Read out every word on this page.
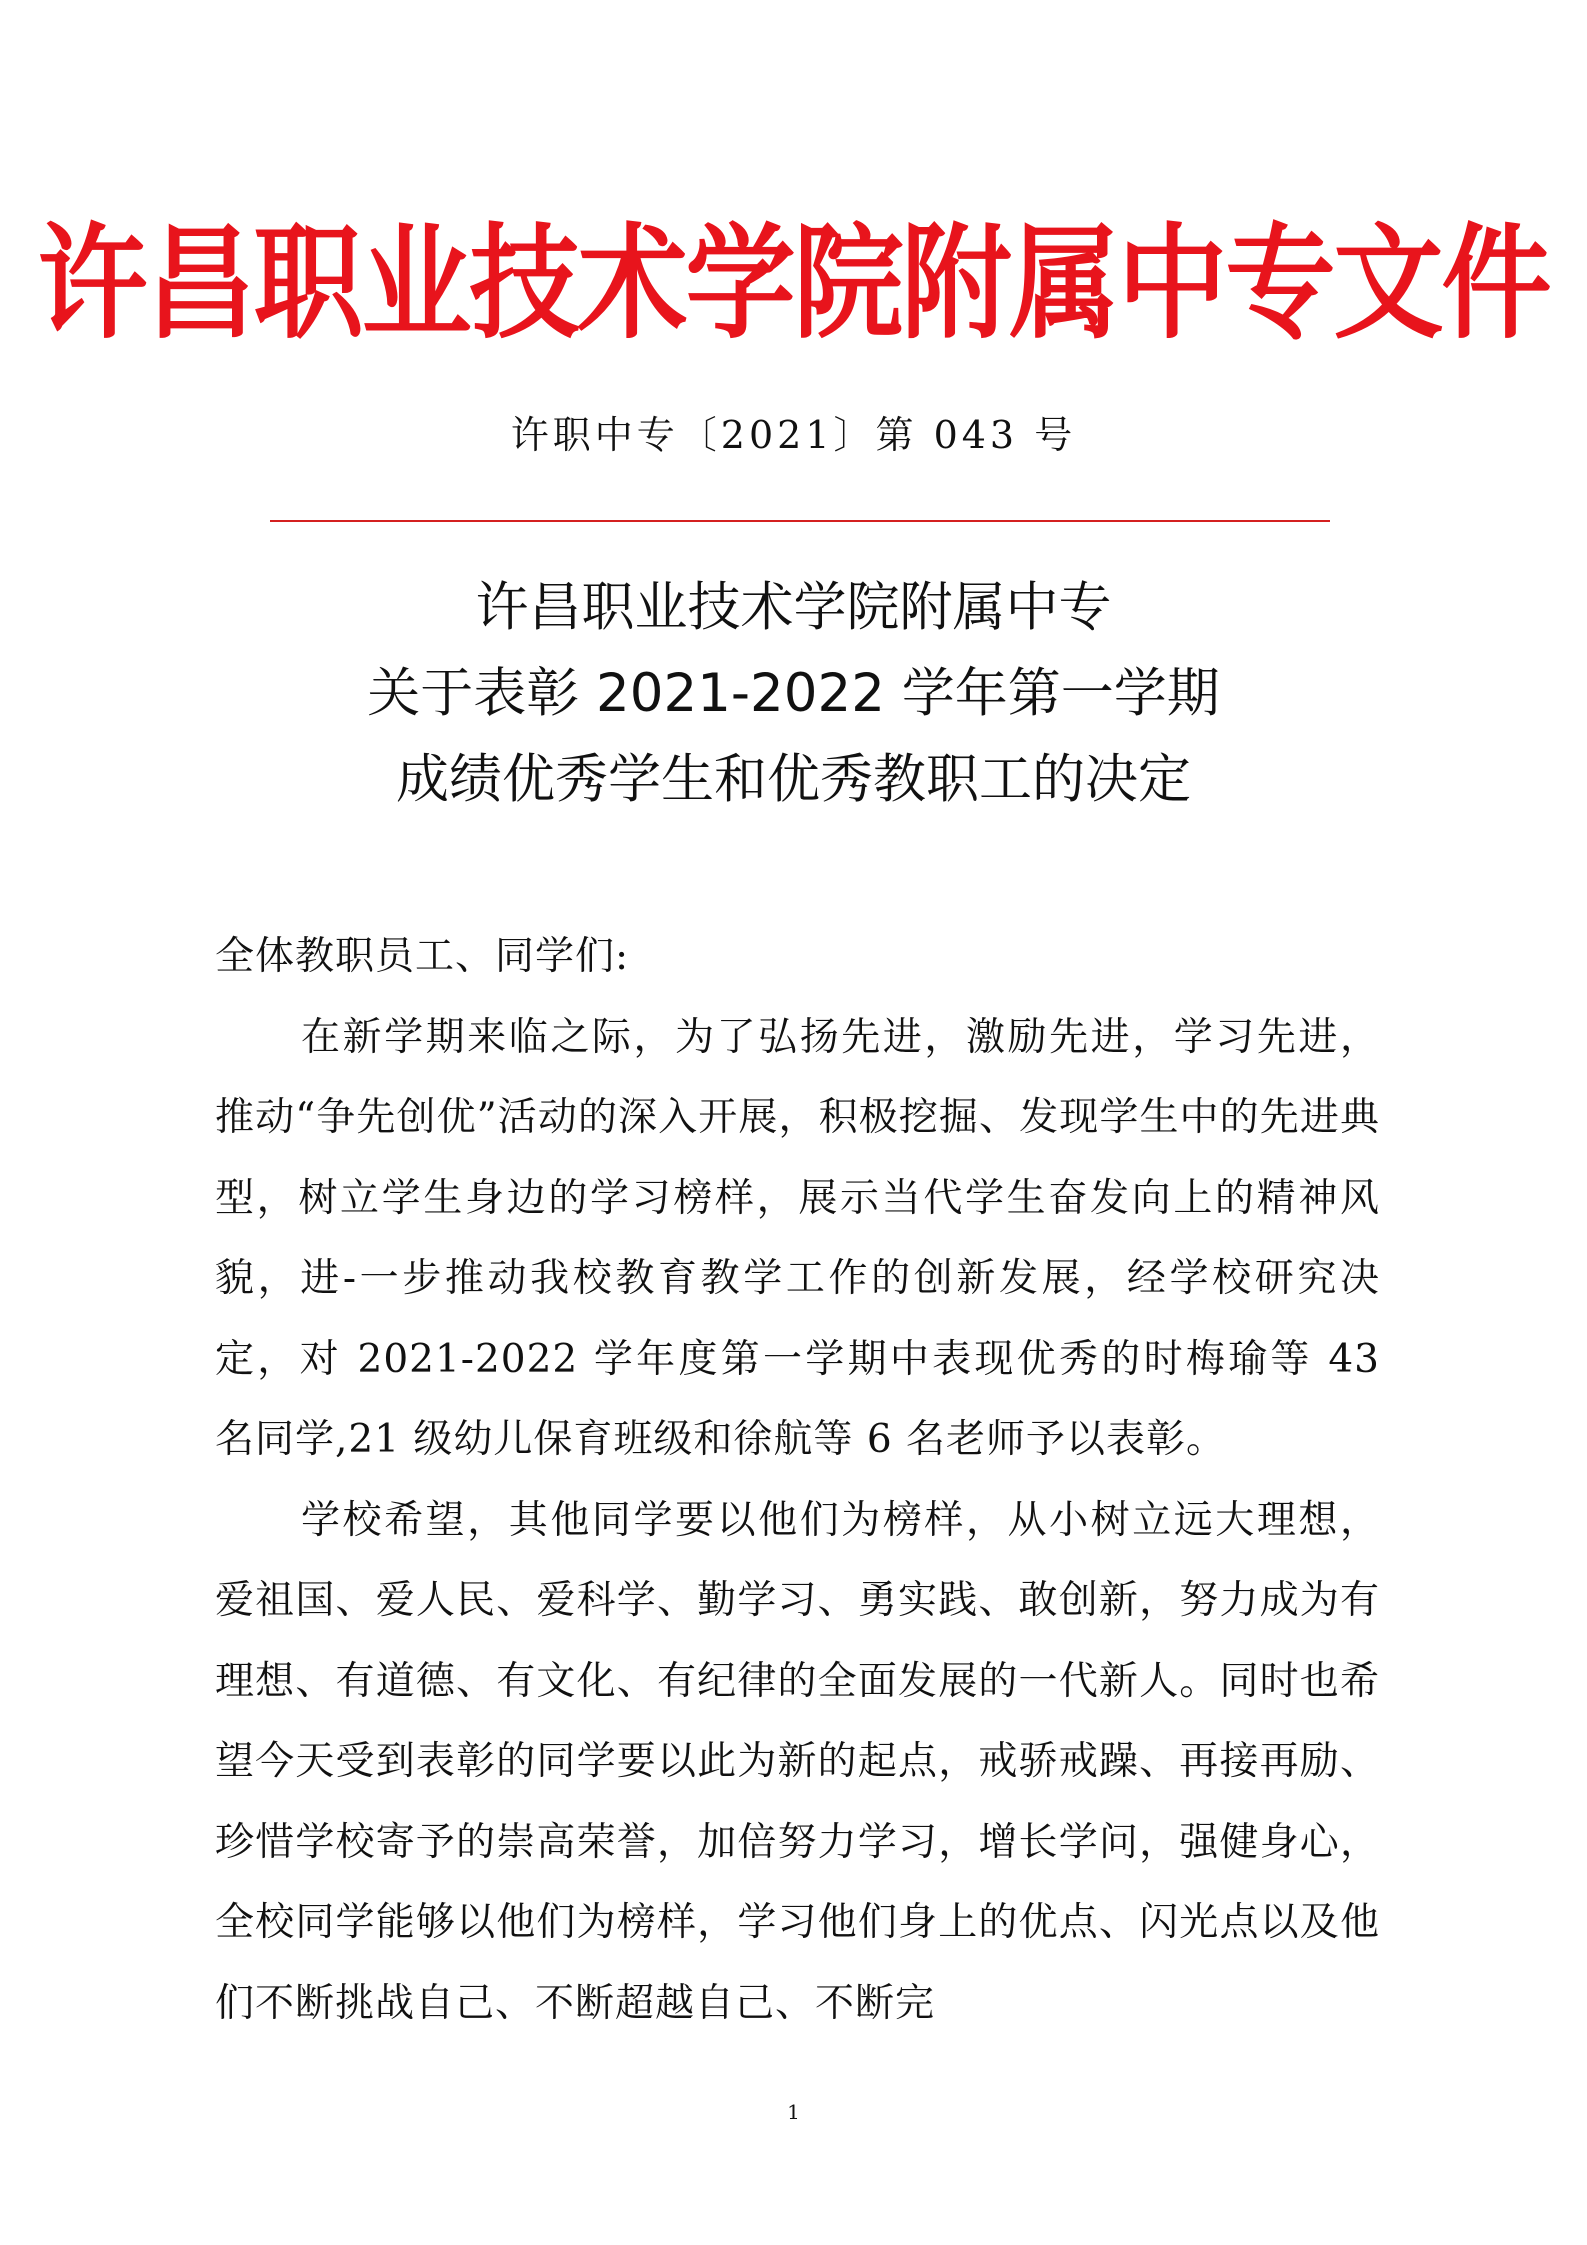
许昌职业技术学院附属中专文件
许职中专〔2021〕第 043 号
许昌职业技术学院附属中专
关于表彰 2021-2022 学年第一学期
成绩优秀学生和优秀教职工的决定

全体教职员工、同学们:

在新学期来临之际，为了弘扬先进，激励先进，学习先进，推动“争先创优”活动的深入开展，积极挖掘、发现学生中的先进典型，树立学生身边的学习榜样，展示当代学生奋发向上的精神风貌，进-一步推动我校教育教学工作的创新发展，经学校研究决定，对 2021-2022 学年度第一学期中表现优秀的时梅瑜等 43 名同学,21 级幼儿保育班级和徐航等 6 名老师予以表彰。

学校希望，其他同学要以他们为榜样，从小树立远大理想，爱祖国、爱人民、爱科学、勤学习、勇实践、敢创新，努力成为有理想、有道德、有文化、有纪律的全面发展的一代新人。同时也希望今天受到表彰的同学要以此为新的起点，戒骄戒躁、再接再励、珍惜学校寄予的崇高荣誉，加倍努力学习，增长学问，强健身心，全校同学能够以他们为榜样，学习他们身上的优点、闪光点以及他们不断挑战自己、不断超越自己、不断完

1
